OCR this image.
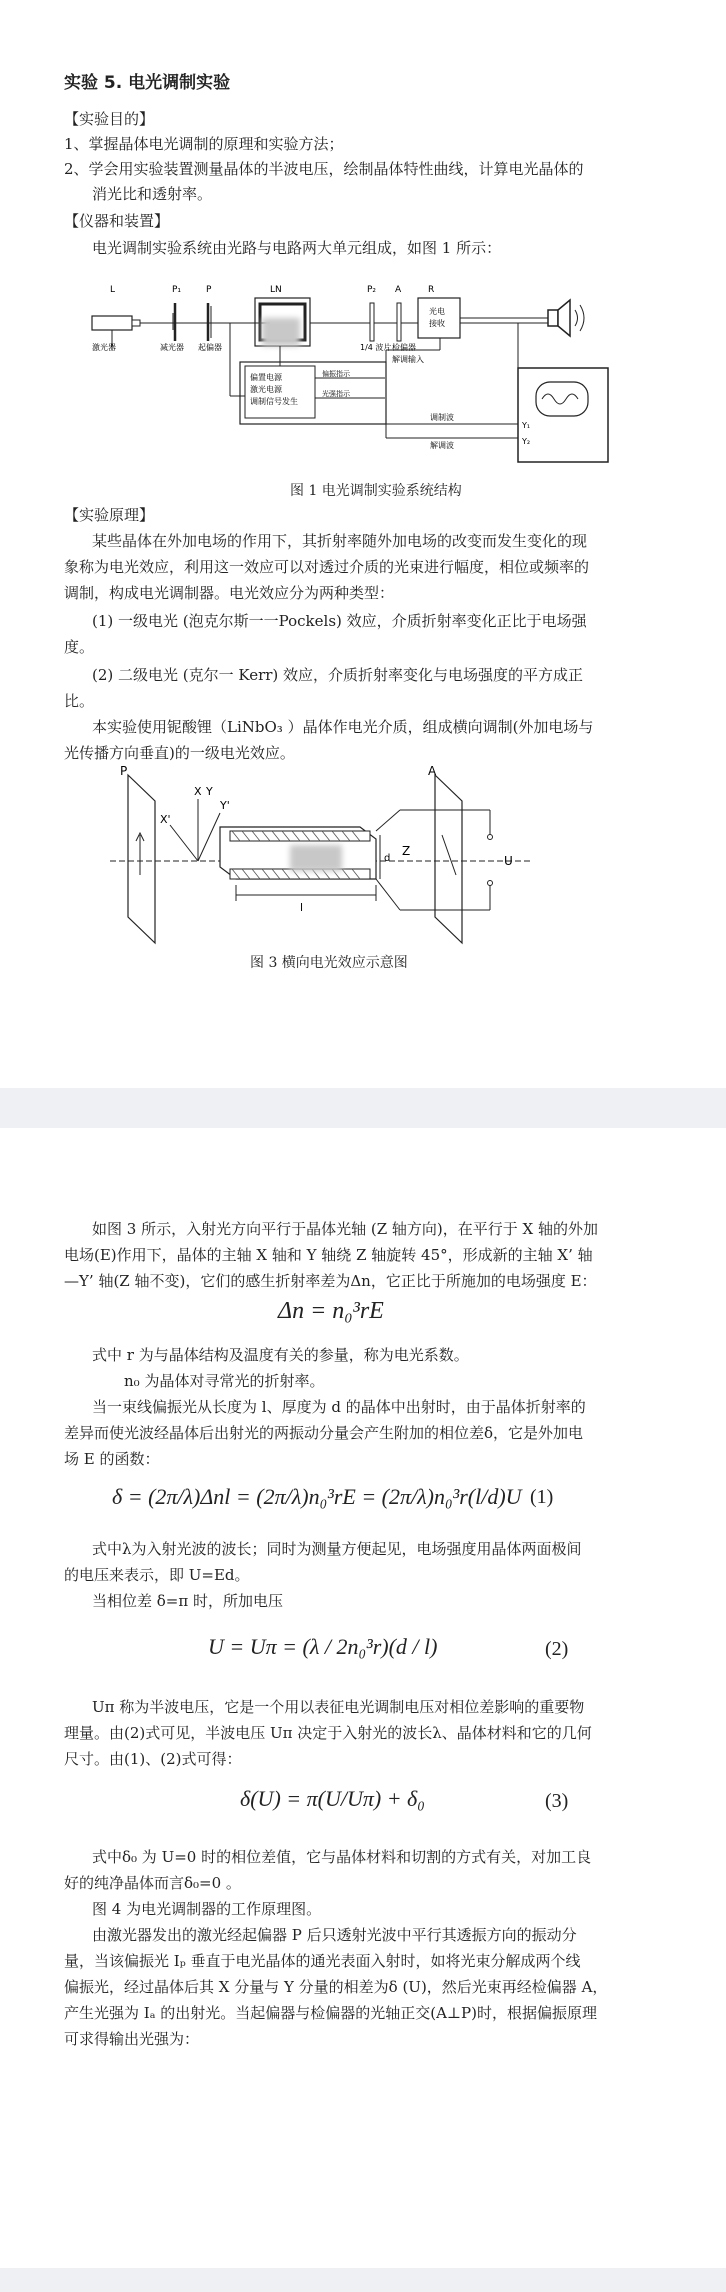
实验 5. 电光调制实验
【实验目的】
1、掌握晶体电光调制的原理和实验方法；
2、学会用实验装置测量晶体的半波电压，绘制晶体特性曲线，计算电光晶体的
消光比和透射率。
【仪器和装置】
电光调制实验系统由光路与电路两大单元组成，如图 1 所示：
L	P₁	P	LN	P₂ A	R
激光器	减光器 起偏器	1/4 波片 检偏器
光电
接收
解调输入
偏振指示
光强指示
偏置电源
激光电源
调制信号发生
调制波
解调波
Y₁
Y₂
图 1 电光调制实验系统结构
【实验原理】
某些晶体在外加电场的作用下，其折射率随外加电场的改变而发生变化的现
象称为电光效应，利用这一效应可以对透过介质的光束进行幅度，相位或频率的
调制，构成电光调制器。电光效应分为两种类型：
(1) 一级电光 (泡克尔斯一一Pockels) 效应，介质折射率变化正比于电场强
度。
(2) 二级电光 (克尔一 Kerr) 效应，介质折射率变化与电场强度的平方成正
比。
本实验使用铌酸锂（LiNbO₃ ）晶体作电光介质，组成横向调制(外加电场与
光传播方向垂直)的一级电光效应。
P	A
X Y
X'
Y'
Z
d
l
U
图 3 横向电光效应示意图
如图 3 所示，入射光方向平行于晶体光轴 (Z 轴方向)，在平行于 X 轴的外加
电场(E)作用下，晶体的主轴 X 轴和 Y 轴绕 Z 轴旋转 45°，形成新的主轴 X’ 轴
—Y’ 轴(Z 轴不变)，它们的感生折射率差为Δn，它正比于所施加的电场强度 E：
Δn = n₀³rE
式中 r 为与晶体结构及温度有关的参量，称为电光系数。
n₀ 为晶体对寻常光的折射率。
当一束线偏振光从长度为 l、厚度为 d 的晶体中出射时，由于晶体折射率的
差异而使光波经晶体后出射光的两振动分量会产生附加的相位差δ，它是外加电
场 E 的函数：
δ = (2π/λ)Δnl = (2π/λ)n₀³rE = (2π/λ)n₀³r(l/d)U (1)
式中λ为入射光波的波长；同时为测量方便起见，电场强度用晶体两面极间
的电压来表示，即 U=Ed。
当相位差 δ=π 时，所加电压
U = Uπ = (λ / 2n₀³r)(d / l)	(2)
Uπ 称为半波电压，它是一个用以表征电光调制电压对相位差影响的重要物
理量。由(2)式可见，半波电压 Uπ 决定于入射光的波长λ、晶体材料和它的几何
尺寸。由(1)、(2)式可得：
δ(U) = π(U/Uπ) + δ₀	(3)
式中δ₀ 为 U=0 时的相位差值，它与晶体材料和切割的方式有关，对加工良
好的纯净晶体而言δ₀=0 。
图 4 为电光调制器的工作原理图。
由激光器发出的激光经起偏器 P 后只透射光波中平行其透振方向的振动分
量，当该偏振光 Iₚ 垂直于电光晶体的通光表面入射时，如将光束分解成两个线
偏振光，经过晶体后其 X 分量与 Y 分量的相差为δ (U)，然后光束再经检偏器 A，
产生光强为 Iₐ 的出射光。当起偏器与检偏器的光轴正交(A⊥P)时，根据偏振原理
可求得输出光强为：
